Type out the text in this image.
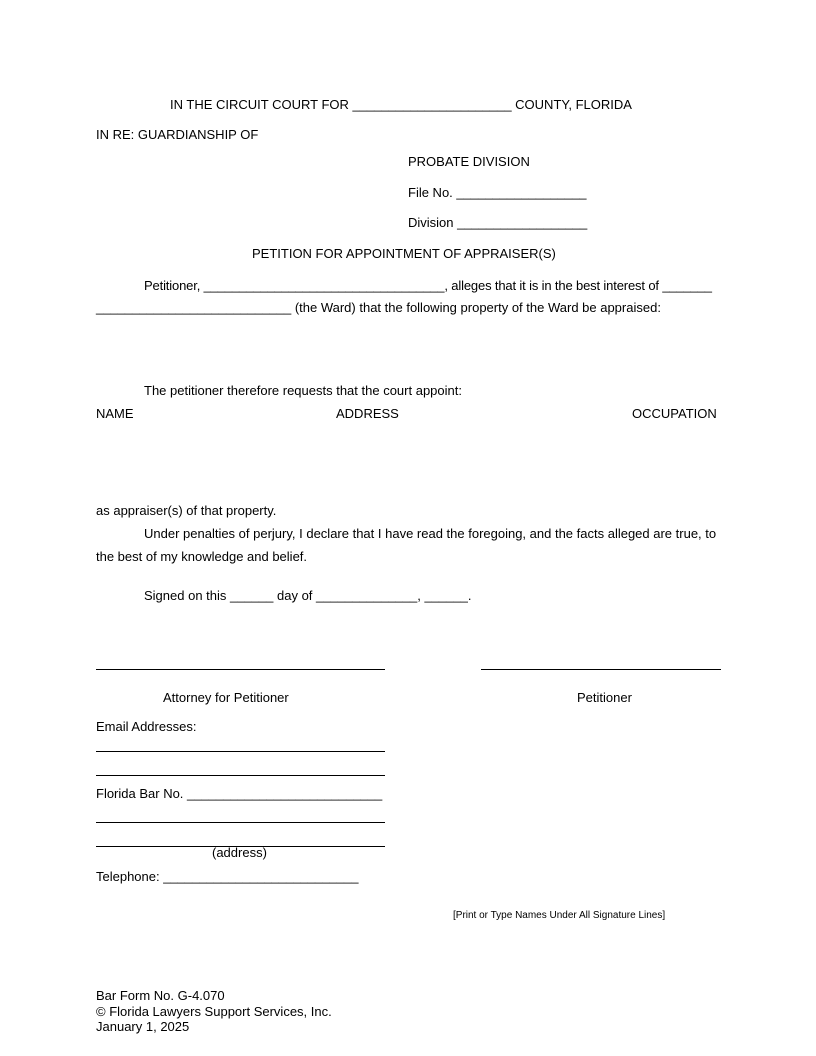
IN THE CIRCUIT COURT FOR ______________________ COUNTY, FLORIDA
IN RE: GUARDIANSHIP OF
PROBATE DIVISION
File No. __________________
Division __________________
PETITION FOR APPOINTMENT OF APPRAISER(S)
Petitioner, __________________________________, alleges that it is in the best interest of _______
___________________________ (the Ward) that the following property of the Ward be appraised:
The petitioner therefore requests that the court appoint:
NAME	ADDRESS	OCCUPATION
as appraiser(s) of that property.
Under penalties of perjury, I declare that I have read the foregoing, and the facts alleged are true, to
the best of my knowledge and belief.
Signed on this ______ day of ______________, ______.
Attorney for Petitioner	Petitioner
Email Addresses:
Florida Bar No. ___________________________
(address)
Telephone: ___________________________
[Print or Type Names Under All Signature Lines]
Bar Form No. G-4.070
© Florida Lawyers Support Services, Inc.
January 1, 2025
